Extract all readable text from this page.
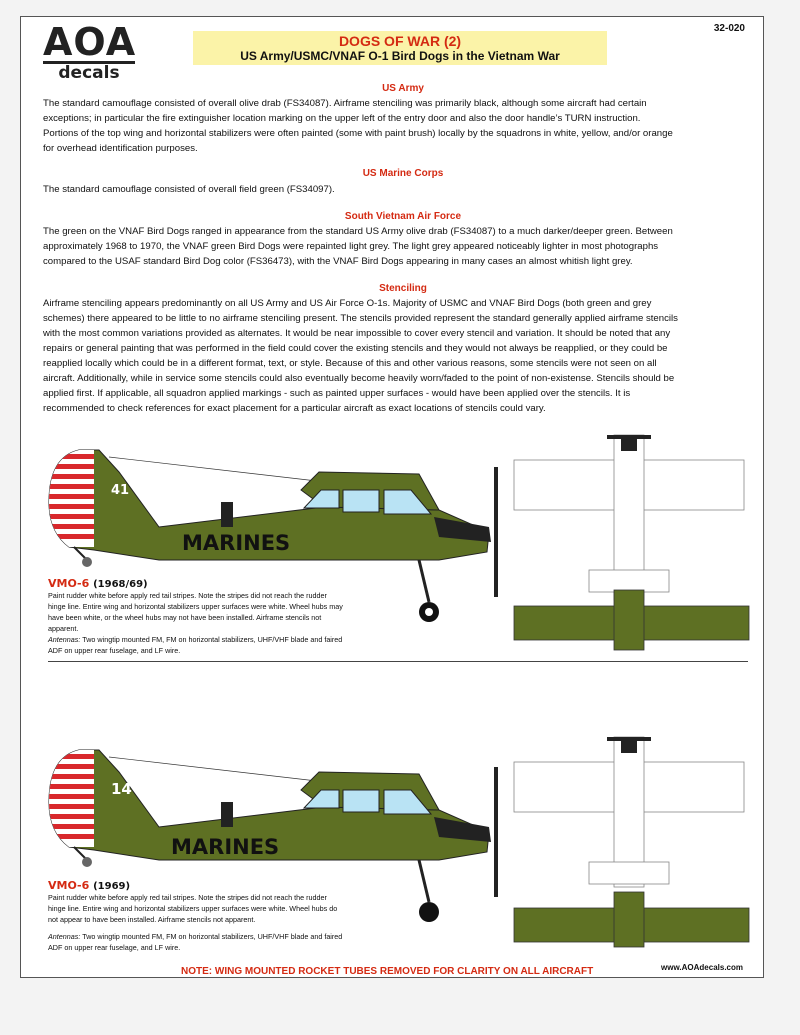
AOA
decals
32-020
DOGS OF WAR (2)
US Army/USMC/VNAF O-1 Bird Dogs in the Vietnam War
US Army
The standard camouflage consisted of overall olive drab (FS34087). Airframe stenciling was primarily black, although some aircraft had certain
exceptions; in particular the fire extinguisher location marking on the upper left of the entry door and also the door handle’s TURN instruction.
Portions of the top wing and horizontal stabilizers were often painted (some with paint brush) locally by the squadrons in white, yellow, and/or orange
for overhead identification purposes.
US Marine Corps
The standard camouflage consisted of overall field green (FS34097).
South Vietnam Air Force
The green on the VNAF Bird Dogs ranged in appearance from the standard US Army olive drab (FS34087) to a much darker/deeper green. Between
approximately 1968 to 1970, the VNAF green Bird Dogs were repainted light grey. The light grey appeared noticeably lighter in most photographs
compared to the USAF standard Bird Dog color (FS36473), with the VNAF Bird Dogs appearing in many cases an almost whitish light grey.
Stenciling
Airframe stenciling appears predominantly on all US Army and US Air Force O-1s. Majority of USMC and VNAF Bird Dogs (both green and grey
schemes) there appeared to be little to no airframe stenciling present. The stencils provided represent the standard generally applied airframe stencils
with the most common variations provided as alternates. It would be near impossible to cover every stencil and variation. It should be noted that any
repairs or general painting that was performed in the field could cover the existing stencils and they would not always be reapplied, or they could be
reapplied locally which could be in a different format, text, or style. Because of this and other various reasons, some stencils were not seen on all
aircraft. Additionally, while in service some stencils could also eventually become heavily worn/faded to the point of non-existense. Stencils should be
applied first. If applicable, all squadron applied markings - such as painted upper surfaces - would have been applied over the stencils. It is
recommended to check references for exact placement for a particular aircraft as exact locations of stencils could vary.
41
MARINES
VMO-6 (1968/69)
Paint rudder white before apply red tail stripes. Note the stripes did not reach the rudder
hinge line. Entire wing and horizontal stabilizers upper surfaces were white. Wheel hubs may
have been white, or the wheel hubs may not have been installed. Airframe stencils not
apparent.
Antennas: Two wingtip mounted FM, FM on horizontal stabilizers, UHF/VHF blade and faired
ADF on upper rear fuselage, and LF wire.
14
MARINES
VMO-6 (1969)
Paint rudder white before apply red tail stripes. Note the stripes did not reach the rudder
hinge line. Entire wing and horizontal stabilizers upper surfaces were white. Wheel hubs do
not appear to have been installed. Airframe stencils not apparent.
Antennas: Two wingtip mounted FM, FM on horizontal stabilizers, UHF/VHF blade and faired
ADF on upper rear fuselage, and LF wire.
NOTE: WING MOUNTED ROCKET TUBES REMOVED FOR CLARITY ON ALL AIRCRAFT	www.AOAdecals.com
